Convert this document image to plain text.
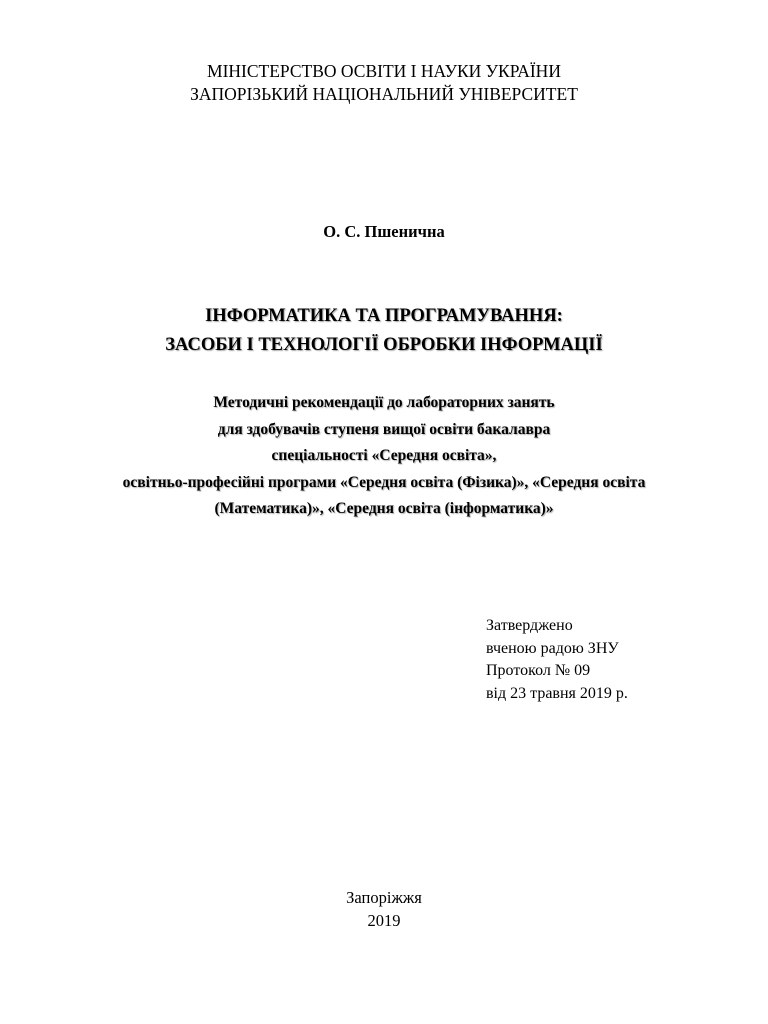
МІНІСТЕРСТВО ОСВІТИ І НАУКИ УКРАЇНИ
ЗАПОРІЗЬКИЙ НАЦІОНАЛЬНИЙ УНІВЕРСИТЕТ
О. С. Пшенична
ІНФОРМАТИКА ТА ПРОГРАМУВАННЯ:
ЗАСОБИ І ТЕХНОЛОГІЇ ОБРОБКИ ІНФОРМАЦІЇ
Методичні рекомендації до лабораторних занять
для здобувачів ступеня вищої освіти бакалавра
спеціальності «Середня освіта»,
освітньо-професійні програми «Середня освіта (Фізика)», «Середня освіта
(Математика)», «Середня освіта (інформатика)»
Затверджено
вченою радою ЗНУ
Протокол № 09
від 23 травня 2019 р.
Запоріжжя
2019
